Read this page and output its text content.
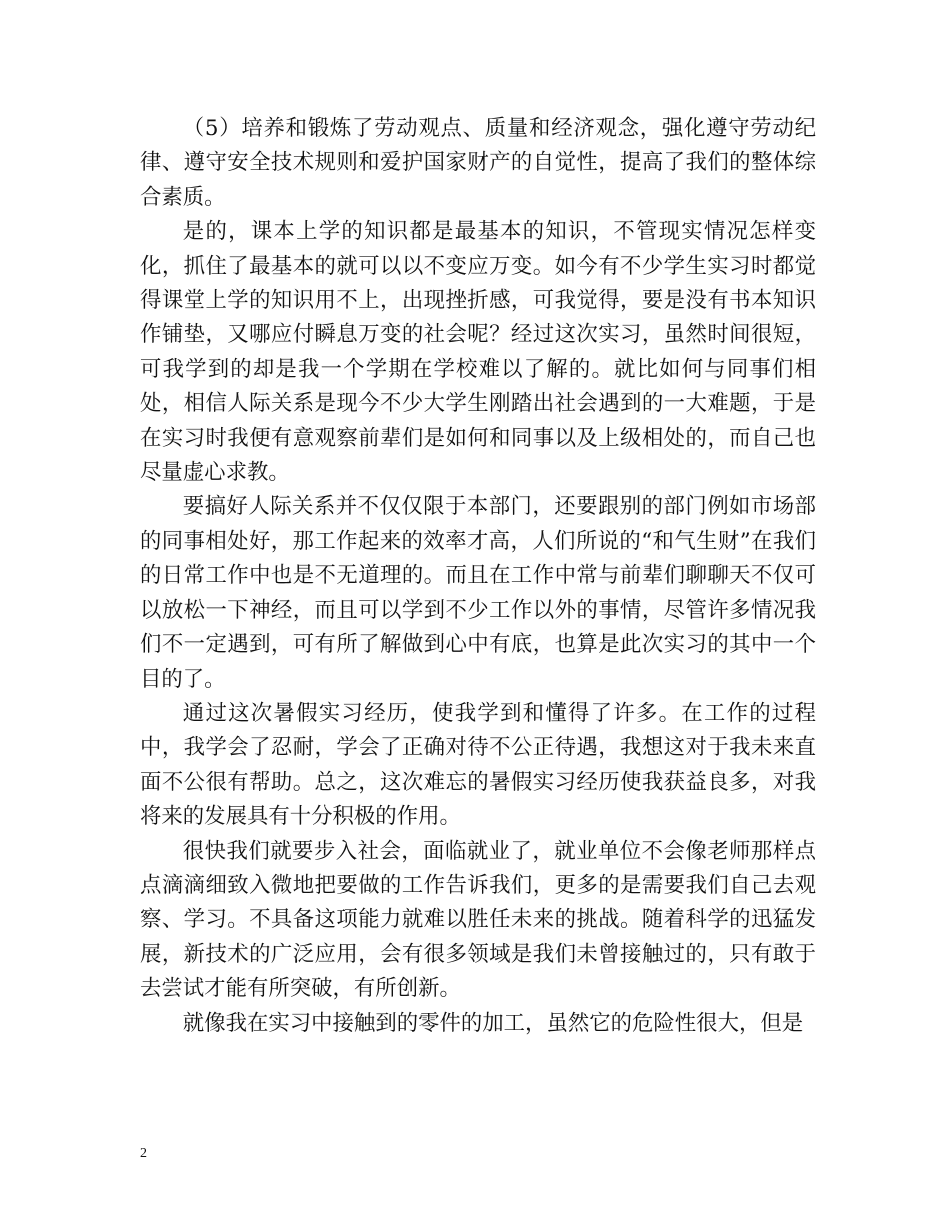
（5）培养和锻炼了劳动观点、质量和经济观念，强化遵守劳动纪律、遵守安全技术规则和爱护国家财产的自觉性，提高了我们的整体综合素质。

是的，课本上学的知识都是最基本的知识，不管现实情况怎样变化，抓住了最基本的就可以以不变应万变。如今有不少学生实习时都觉得课堂上学的知识用不上，出现挫折感，可我觉得，要是没有书本知识作铺垫，又哪应付瞬息万变的社会呢？经过这次实习，虽然时间很短，可我学到的却是我一个学期在学校难以了解的。就比如何与同事们相处，相信人际关系是现今不少大学生刚踏出社会遇到的一大难题，于是在实习时我便有意观察前辈们是如何和同事以及上级相处的，而自己也尽量虚心求教。

要搞好人际关系并不仅仅限于本部门，还要跟别的部门例如市场部的同事相处好，那工作起来的效率才高，人们所说的“和气生财”在我们的日常工作中也是不无道理的。而且在工作中常与前辈们聊聊天不仅可以放松一下神经，而且可以学到不少工作以外的事情，尽管许多情况我们不一定遇到，可有所了解做到心中有底，也算是此次实习的其中一个目的了。

通过这次暑假实习经历，使我学到和懂得了许多。在工作的过程中，我学会了忍耐，学会了正确对待不公正待遇，我想这对于我未来直面不公很有帮助。总之，这次难忘的暑假实习经历使我获益良多，对我将来的发展具有十分积极的作用。

很快我们就要步入社会，面临就业了，就业单位不会像老师那样点点滴滴细致入微地把要做的工作告诉我们，更多的是需要我们自己去观察、学习。不具备这项能力就难以胜任未来的挑战。随着科学的迅猛发展，新技术的广泛应用，会有很多领域是我们未曾接触过的，只有敢于去尝试才能有所突破，有所创新。

就像我在实习中接触到的零件的加工，虽然它的危险性很大，但是

2
